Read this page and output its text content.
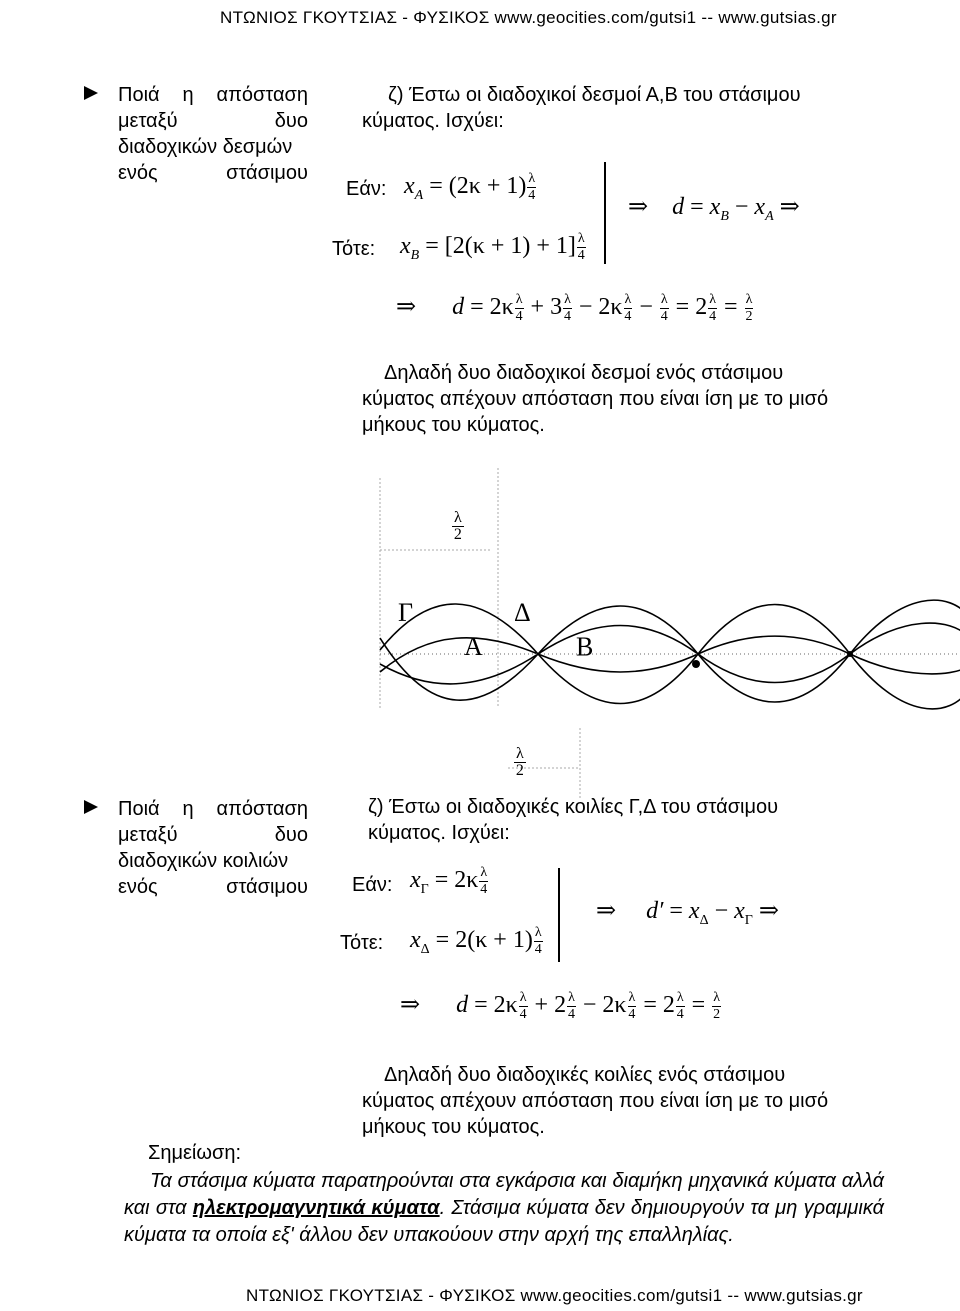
ΝΤΩΝΙΟΣ ΓΚΟΥΤΣΙΑΣ - ΦΥΣΙΚΟΣ www.geocities.com/gutsi1 -- www.gutsias.gr
Ποιά η απόσταση
μεταξύ	δυο
διαδοχικών δεσμών
ενός	στάσιμου
ζ) Έστω οι διαδοχικοί δεσμοί Α,Β του στάσιμου
κύματος. Ισχύει:
Εάν: $x_A = (2\kappa + 1) \frac{\lambda}{4}$
Τότε: $x_B = [2(\kappa + 1) + 1] \frac{\lambda}{4}$
⇒    $d = x_B - x_A$ ⇒
⇒      $d = 2\kappa \frac{\lambda}{4} + 3 \frac{\lambda}{4} - 2\kappa \frac{\lambda}{4} - \frac{\lambda}{4} = 2 \frac{\lambda}{4} = \frac{\lambda}{2}$
Δηλαδή δυο διαδοχικοί δεσμοί ενός στάσιμου
κύματος απέχουν απόσταση που είναι ίση με το μισό
μήκους του κύματος.
λ
2
Γ	Δ
Α	Β
λ
2
Ποιά η απόσταση
μεταξύ	δυο
διαδοχικών κοιλιών
ενός	στάσιμου
ζ) Έστω οι διαδοχικές κοιλίες Γ,Δ του στάσιμου
κύματος. Ισχύει:
Εάν: $x_\Gamma = 2\kappa \frac{\lambda}{4}$
Τότε: $x_\Delta = 2(\kappa + 1) \frac{\lambda}{4}$
⇒     $d' = x_\Delta - x_\Gamma$ ⇒
⇒      $d = 2\kappa \frac{\lambda}{4} + 2 \frac{\lambda}{4} - 2\kappa \frac{\lambda}{4} = 2 \frac{\lambda}{4} = \frac{\lambda}{2}$
Δηλαδή δυο διαδοχικές κοιλίες ενός στάσιμου
κύματος απέχουν απόσταση που είναι ίση με το μισό
μήκους του κύματος.
Σημείωση:
Τα στάσιμα κύματα παρατηρούνται στα εγκάρσια και διαμήκη μηχανικά κύματα αλλά και στα ηλεκτρομαγνητικά κύματα. Στάσιμα κύματα δεν δημιουργούν τα μη γραμμικά κύματα τα οποία εξ' άλλου δεν υπακούουν στην αρχή της επαλληλίας.
ΝΤΩΝΙΟΣ ΓΚΟΥΤΣΙΑΣ - ΦΥΣΙΚΟΣ www.geocities.com/gutsi1 -- www.gutsias.gr
